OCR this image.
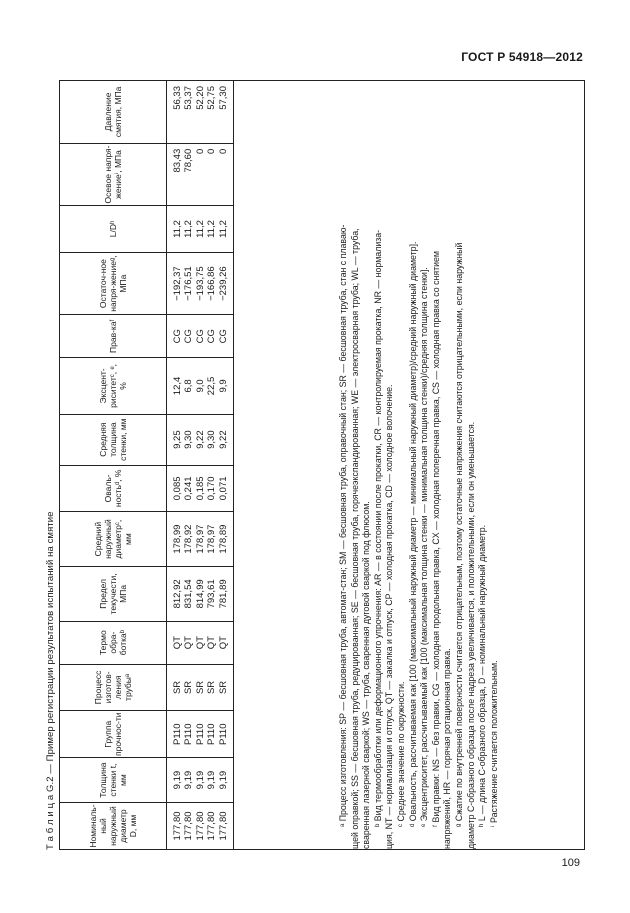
ГОСТ Р 54918—2012
Т а б л и ц а G.2 — Пример регистрации результатов испытаний на смятие	Номиналь-ный наружный диаметр D, мм	Толщина стенки t, мм	Группа прочнос-ти	Процесс изготов-ления трубыᵃ	Термо обра-боткаᵇ	Предел текучести, МПа	Средний наружный диаметрᶜ, мм	Оваль-ностьᵈ, %	Средняя толщина стенки, мм	Эксцент-риситетᶜ, ᵉ, %	Прав-каᶠ	Остаточ-ное напря-жениеᵍ, МПа	L/Dʰ	Осевое напря-жениеⁱ, МПа	Давление смятия, МПа
177,80	9,19	P110	SR	QT	812,92	178,99	0,085	9,25	12,4	CG	−192,37	11,2	83,43	56,33
177,80	9,19	P110	SR	QT	831,54	178,92	0,241	9,30	6,8	CG	−176,51	11,2	78,60	53,37
177,80	9,19	P110	SR	QT	814,99	178,97	0,185	9,22	9,0	CG	−193,75	11,2	0	52,20
177,80	9,19	P110	SR	QT	793,61	178,97	0,170	9,30	22,5	CG	−166,86	11,2	0	52,75
177,80	9,19	P110	SR	QT	781,89	178,89	0,071	9,22	9,9	CG	−239,26	11,2	0	57,30

ᵃ Процесс изготовления: SP — бесшовная труба, автомат-стан; SM — бесшовная труба, оправочный стан; SR — бесшовная труба, стан с плаваю- щей оправкой; SS — бесшовная труба, редуцированная; SE — бесшовная труба, горячеэкспандированная; WE — электросварная труба; WL — труба, сваренная лазерной сваркой; WS — труба, сваренная дуговой сваркой под флюсом. ᵇ Вид термообработки или деформационного упрочнения: AR — в состоянии после прокатки, CR — контролируемая прокатка, NR — нормализа- ция, NT — нормализация и отпуск, QT — закалка и отпуск, CP — холодная прокатка, CD — холодное волочение. ᶜ Среднее значение по окружности. ᵈ Овальность, рассчитываемая как [100 (максимальный наружный диаметр — минимальный наружный диаметр)/средний наружный диаметр]. ᵉ Эксцентриситет, рассчитываемый как [100 (максимальная толщина стенки — минимальная толщина стенки)/средняя толщина стенки]. ᶠ Вид правки: NS — без правки, CG — холодная продольная правка, CX — холодная поперечная правка, CS — холодная правка со снятием напряжений, HR — горячая ротационная правка. ᵍ Сжатие по внутренней поверхности считается отрицательным, поэтому остаточные напряжения считаются отрицательными, если наружный диаметр С-образного образца после надреза увеличивается, и положительными, если он уменьшается. ʰ L — длина С-образного образца, D — номинальный наружный диаметр. ⁱ Растяжение считается положительным.

109
